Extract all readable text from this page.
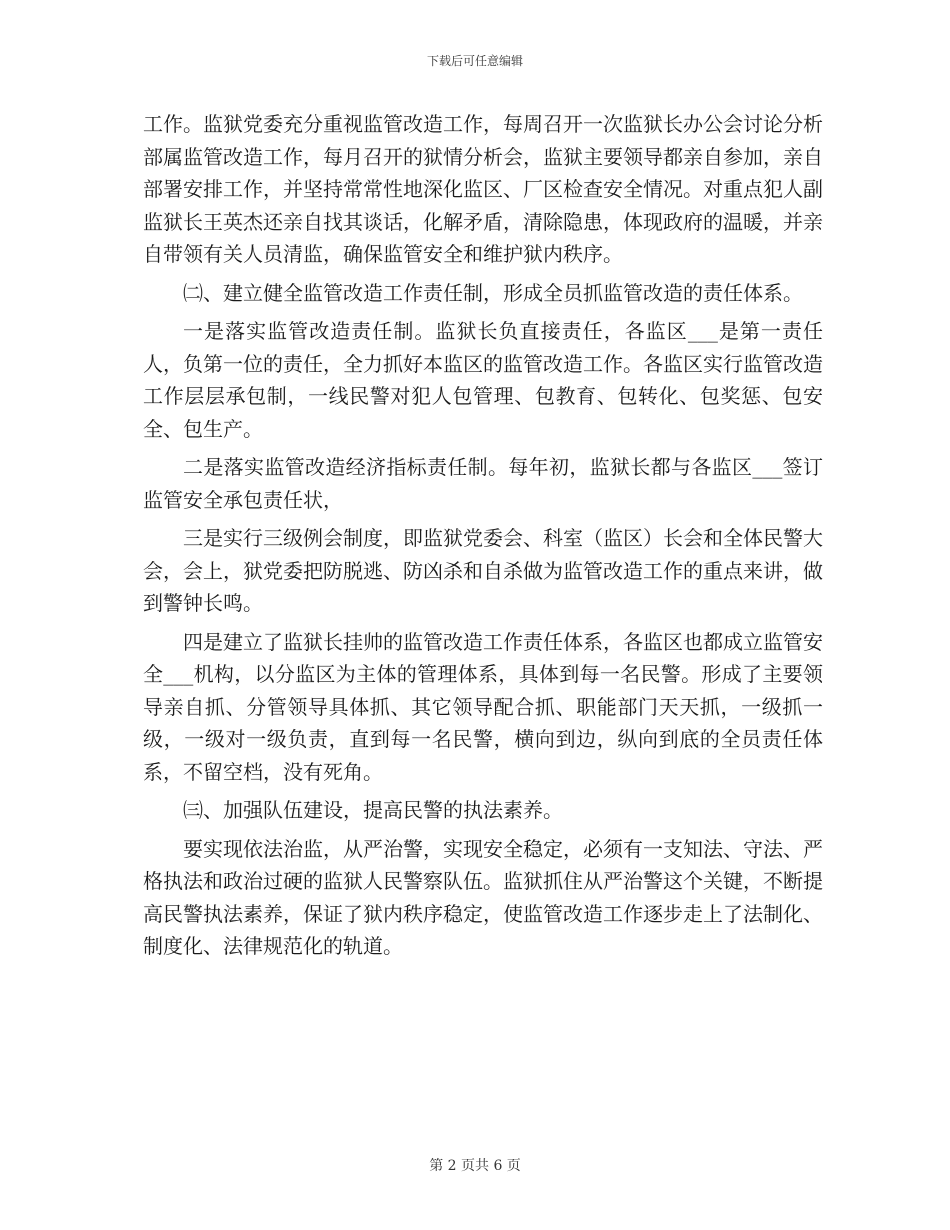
下载后可任意编辑

工作。监狱党委充分重视监管改造工作，每周召开一次监狱长办公会讨论分析部属监管改造工作，每月召开的狱情分析会，监狱主要领导都亲自参加，亲自部署安排工作，并坚持常常性地深化监区、厂区检查安全情况。对重点犯人副监狱长王英杰还亲自找其谈话，化解矛盾，清除隐患，体现政府的温暖，并亲自带领有关人员清监，确保监管安全和维护狱内秩序。

㈡、建立健全监管改造工作责任制，形成全员抓监管改造的责任体系。

一是落实监管改造责任制。监狱长负直接责任，各监区___是第一责任人，负第一位的责任，全力抓好本监区的监管改造工作。各监区实行监管改造工作层层承包制，一线民警对犯人包管理、包教育、包转化、包奖惩、包安全、包生产。

二是落实监管改造经济指标责任制。每年初，监狱长都与各监区___签订监管安全承包责任状，

三是实行三级例会制度，即监狱党委会、科室（监区）长会和全体民警大会，会上，狱党委把防脱逃、防凶杀和自杀做为监管改造工作的重点来讲，做到警钟长鸣。

四是建立了监狱长挂帅的监管改造工作责任体系，各监区也都成立监管安全___机构，以分监区为主体的管理体系，具体到每一名民警。形成了主要领导亲自抓、分管领导具体抓、其它领导配合抓、职能部门天天抓，一级抓一级，一级对一级负责，直到每一名民警，横向到边，纵向到底的全员责任体系，不留空档，没有死角。

㈢、加强队伍建设，提高民警的执法素养。

要实现依法治监，从严治警，实现安全稳定，必须有一支知法、守法、严格执法和政治过硬的监狱人民警察队伍。监狱抓住从严治警这个关键，不断提高民警执法素养，保证了狱内秩序稳定，使监管改造工作逐步走上了法制化、制度化、法律规范化的轨道。

第 2 页共 6 页
